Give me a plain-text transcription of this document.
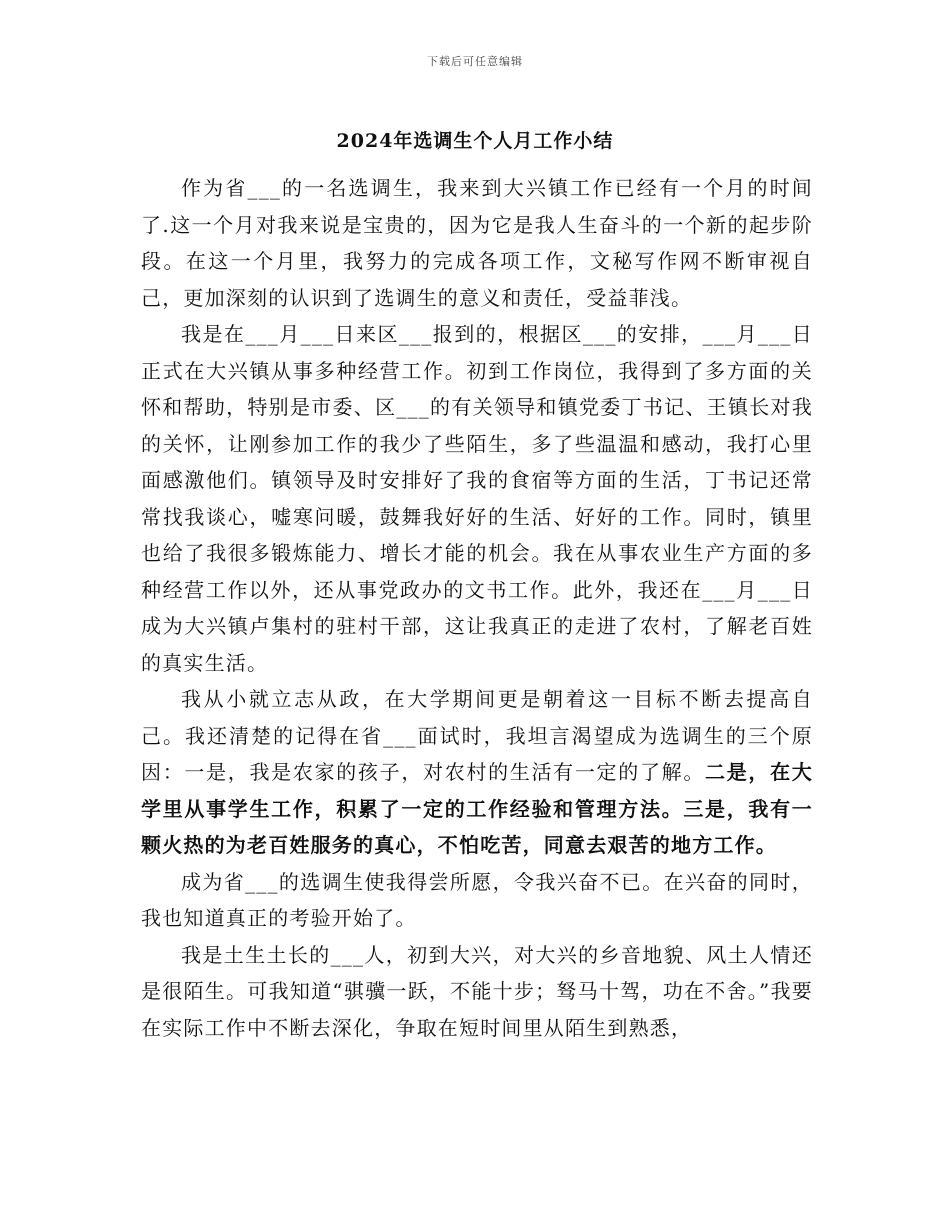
下载后可任意编辑
2024年选调生个人月工作小结

作为省___的一名选调生，我来到大兴镇工作已经有一个月的时间了.这一个月对我来说是宝贵的，因为它是我人生奋斗的一个新的起步阶段。在这一个月里，我努力的完成各项工作，文秘写作网不断审视自己，更加深刻的认识到了选调生的意义和责任，受益菲浅。

我是在___月___日来区___报到的，根据区___的安排，___月___日正式在大兴镇从事多种经营工作。初到工作岗位，我得到了多方面的关怀和帮助，特别是市委、区___的有关领导和镇党委丁书记、王镇长对我的关怀，让刚参加工作的我少了些陌生，多了些温温和感动，我打心里面感激他们。镇领导及时安排好了我的食宿等方面的生活，丁书记还常常找我谈心，嘘寒问暖，鼓舞我好好的生活、好好的工作。同时，镇里也给了我很多锻炼能力、增长才能的机会。我在从事农业生产方面的多种经营工作以外，还从事党政办的文书工作。此外，我还在___月___日成为大兴镇卢集村的驻村干部，这让我真正的走进了农村，了解老百姓的真实生活。

我从小就立志从政，在大学期间更是朝着这一目标不断去提高自己。我还清楚的记得在省___面试时，我坦言渴望成为选调生的三个原因：一是，我是农家的孩子，对农村的生活有一定的了解。二是，在大学里从事学生工作，积累了一定的工作经验和管理方法。三是，我有一颗火热的为老百姓服务的真心，不怕吃苦，同意去艰苦的地方工作。

成为省___的选调生使我得尝所愿，令我兴奋不已。在兴奋的同时，我也知道真正的考验开始了。

我是土生土长的___人，初到大兴，对大兴的乡音地貌、风土人情还是很陌生。可我知道“骐骥一跃，不能十步；驽马十驾，功在不舍。”我要在实际工作中不断去深化，争取在短时间里从陌生到熟悉，
